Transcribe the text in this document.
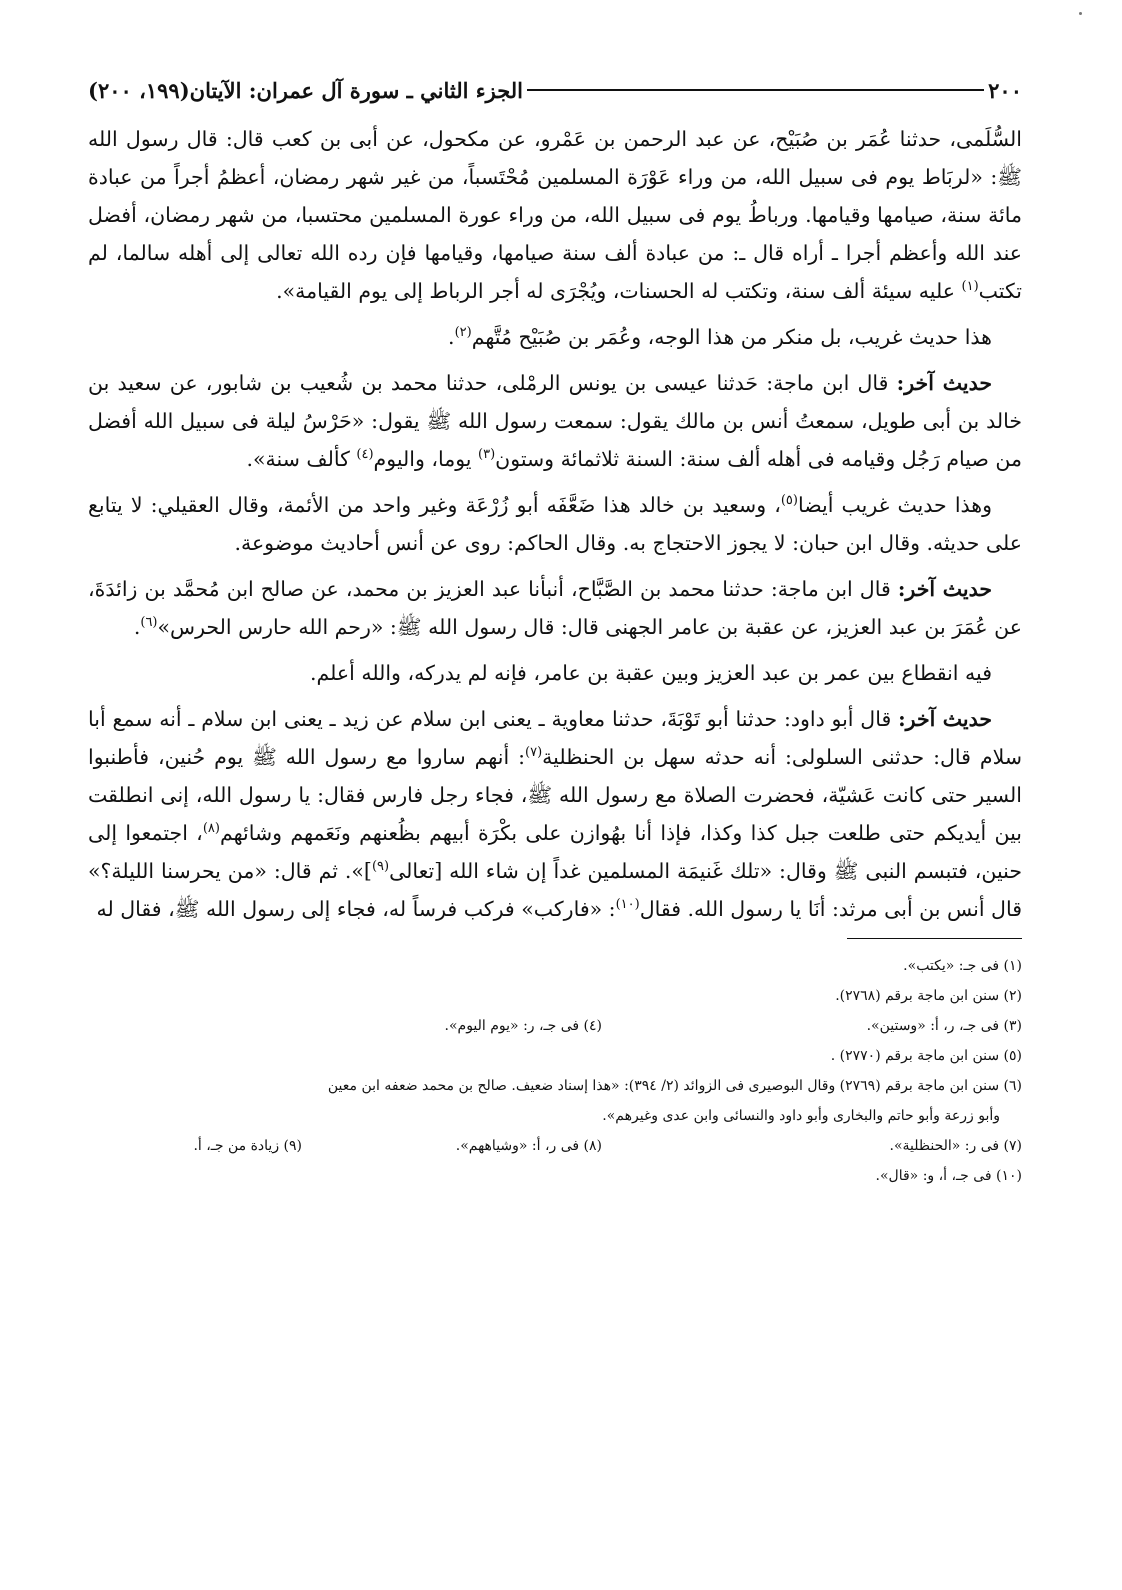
٢٠٠
الجزء الثاني ـ سورة آل عمران: الآيتان(١٩٩، ٢٠٠)

السُّلَمى، حدثنا عُمَر بن صُبَيْح، عن عبد الرحمن بن عَمْرو، عن مكحول، عن أبى بن كعب قال: قال رسول الله ﷺ: «لربَاط يوم فى سبيل الله، من وراء عَوْرَة المسلمين مُحْتَسباً، من غير شهر رمضان، أعظمُ أجراً من عبادة مائة سنة، صيامها وقيامها. ورباطُ يوم فى سبيل الله، من وراء عورة المسلمين محتسبا، من شهر رمضان، أفضل عند الله وأعظم أجرا ـ أراه قال ـ: من عبادة ألف سنة صيامها، وقيامها فإن رده الله تعالى إلى أهله سالما، لم تكتب$^{(١)}$ عليه سيئة ألف سنة، وتكتب له الحسنات، ويُجْرَى له أجر الرباط إلى يوم القيامة».

هذا حديث غريب، بل منكر من هذا الوجه، وعُمَر بن صُبَيْح مُتَّهم$^{(٢)}$.

حديث آخر: قال ابن ماجة: حَدثنا عيسى بن يونس الرمْلى، حدثنا محمد بن شُعيب بن شابور، عن سعيد بن خالد بن أبى طويل، سمعتُ أنس بن مالك يقول: سمعت رسول الله ﷺ يقول: «حَرْسُ ليلة فى سبيل الله أفضل من صيام رَجُل وقيامه فى أهله ألف سنة: السنة ثلاثمائة وستون$^{(٣)}$ يوما، واليوم$^{(٤)}$ كألف سنة».

وهذا حديث غريب أيضا$^{(٥)}$، وسعيد بن خالد هذا ضَعَّفَه أبو زُرْعَة وغير واحد من الأئمة، وقال العقيلي: لا يتابع على حديثه. وقال ابن حبان: لا يجوز الاحتجاج به. وقال الحاكم: روى عن أنس أحاديث موضوعة.

حديث آخر: قال ابن ماجة: حدثنا محمد بن الصَّبَّاح، أنبأنا عبد العزيز بن محمد، عن صالح ابن مُحمَّد بن زائدَةَ، عن عُمَرَ بن عبد العزيز، عن عقبة بن عامر الجهنى قال: قال رسول الله ﷺ: «رحم الله حارس الحرس»$^{(٦)}$.

فيه انقطاع بين عمر بن عبد العزيز وبين عقبة بن عامر، فإنه لم يدركه، والله أعلم.

حديث آخر: قال أبو داود: حدثنا أبو تَوْبَةَ، حدثنا معاوية ـ يعنى ابن سلام عن زيد ـ يعنى ابن سلام ـ أنه سمع أبا سلام قال: حدثنى السلولى: أنه حدثه سهل بن الحنظلية$^{(٧)}$: أنهم ساروا مع رسول الله ﷺ يوم حُنين، فأطنبوا السير حتى كانت عَشيّة، فحضرت الصلاة مع رسول الله ﷺ، فجاء رجل فارس فقال: يا رسول الله، إنى انطلقت بين أيديكم حتى طلعت جبل كذا وكذا، فإذا أنا بهُوازن على بكْرَة أبيهم بظُعنهم ونَعَمهم وشائهم$^{(٨)}$، اجتمعوا إلى حنين، فتبسم النبى ﷺ وقال: «تلك غَنيمَة المسلمين غداً إن شاء الله [تعالى$^{(٩)}$]». ثم قال: «من يحرسنا الليلة؟» قال أنس بن أبى مرثد: أنَا يا رسول الله. فقال$^{(١٠)}$: «فاركب» فركب فرساً له، فجاء إلى رسول الله ﷺ، فقال له

(١) فى جـ: «يكتب».
(٢) سنن ابن ماجة برقم (٢٧٦٨).
(٣) فى جـ، ر، أ: «وستين».
(٤) فى جـ، ر: «يوم اليوم».
(٥) سنن ابن ماجة برقم (٢٧٧٠) .
(٦) سنن ابن ماجة برقم (٢٧٦٩) وقال البوصيرى فى الزوائد (٢/ ٣٩٤): «هذا إسناد ضعيف. صالح بن محمد ضعفه ابن معين
وأبو زرعة وأبو حاتم والبخارى وأبو داود والنسائى وابن عدى وغيرهم».
(٧) فى ر: «الحنظلية».
(٨) فى ر، أ: «وشياههم».
(٩) زيادة من جـ، أ.
(١٠) فى جـ، أ، و: «قال».
